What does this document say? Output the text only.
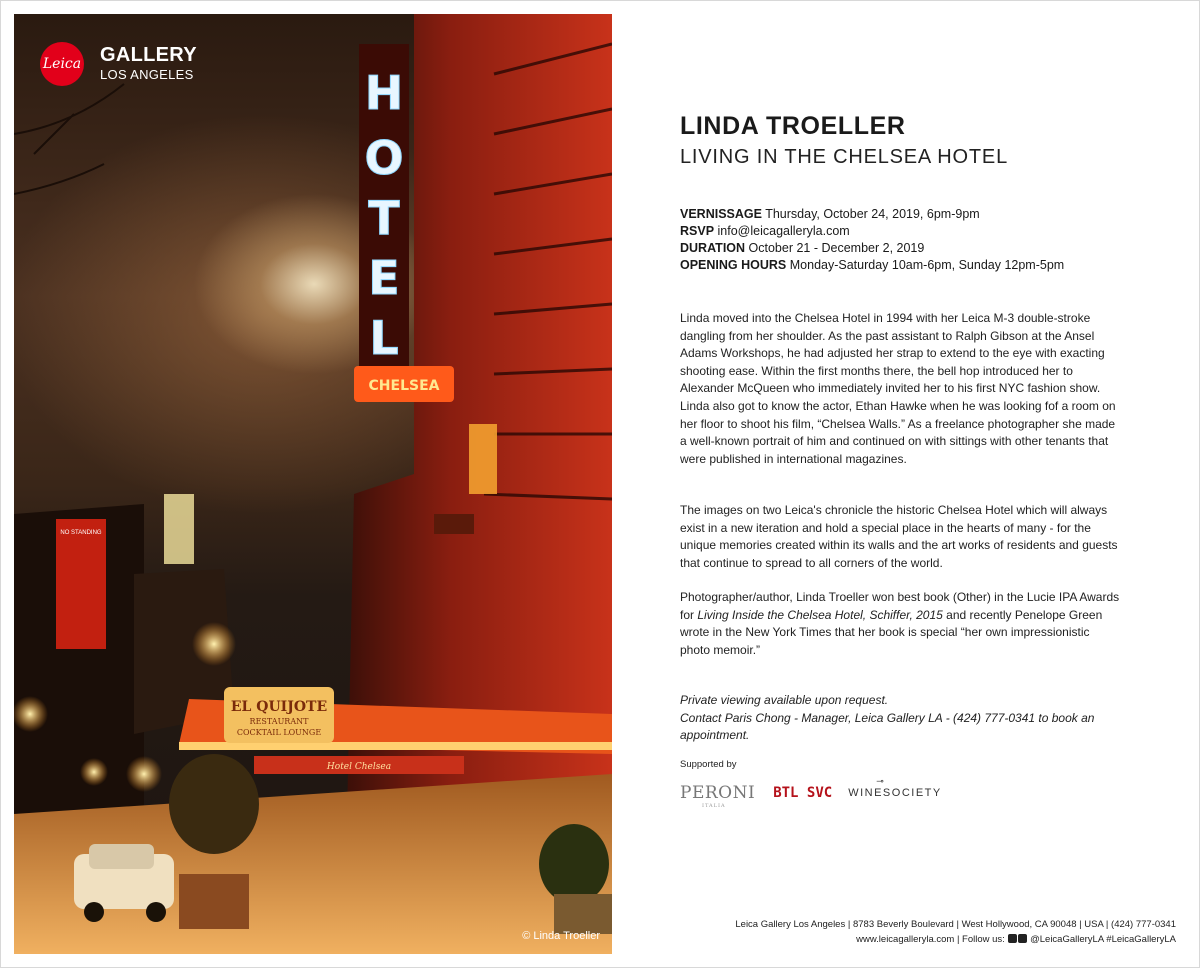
H
O
T
E
L
CHELSEA
NO STANDING
EL QUIJOTE
RESTAURANT
COCKTAIL LOUNGE
Hotel Chelsea
Leica GALLERY
LOS ANGELES
© Linda Troeller
LINDA TROELLER
LIVING IN THE CHELSEA HOTEL
VERNISSAGE Thursday, October 24, 2019, 6pm-9pm
RSVP info@leicagalleryla.com
DURATION October 21 - December 2, 2019
OPENING HOURS Monday-Saturday 10am-6pm, Sunday 12pm-5pm
Linda moved into the Chelsea Hotel in 1994 with her Leica M-3 double-stroke dangling from her shoulder. As the past assistant to Ralph Gibson at the Ansel Adams Workshops, he had adjusted her strap to extend to the eye with exacting shooting ease. Within the first months there, the bell hop introduced her to Alexander McQueen who immediately invited her to his first NYC fashion show. Linda also got to know the actor, Ethan Hawke when he was looking fof a room on her floor to shoot his film, “Chelsea Walls.” As a freelance photographer she made a well-known portrait of him and continued on with sittings with other tenants that were published in international magazines.
The images on two Leica's chronicle the historic Chelsea Hotel which will always exist in a new iteration and hold a special place in the hearts of many - for the unique memories created within its walls and the art works of residents and guests that continue to spread to all corners of the world.
Photographer/author, Linda Troeller won best book (Other) in the Lucie IPA Awards for Living Inside the Chelsea Hotel, Schiffer, 2015 and recently Penelope Green wrote in the New York Times that her book is special “her own impressionistic photo memoir.”
Private viewing available upon request.
Contact Paris Chong - Manager, Leica Gallery LA - (424) 777-0341 to book an appointment.
Supported by
PERONI
ITALIA
BTL SVC
⊸
WINESOCIETY
Leica Gallery Los Angeles | 8783 Beverly Boulevard | West Hollywood, CA 90048 | USA | (424) 777-0341
www.leicagalleryla.com | Follow us:	@LeicaGalleryLA #LeicaGalleryLA
